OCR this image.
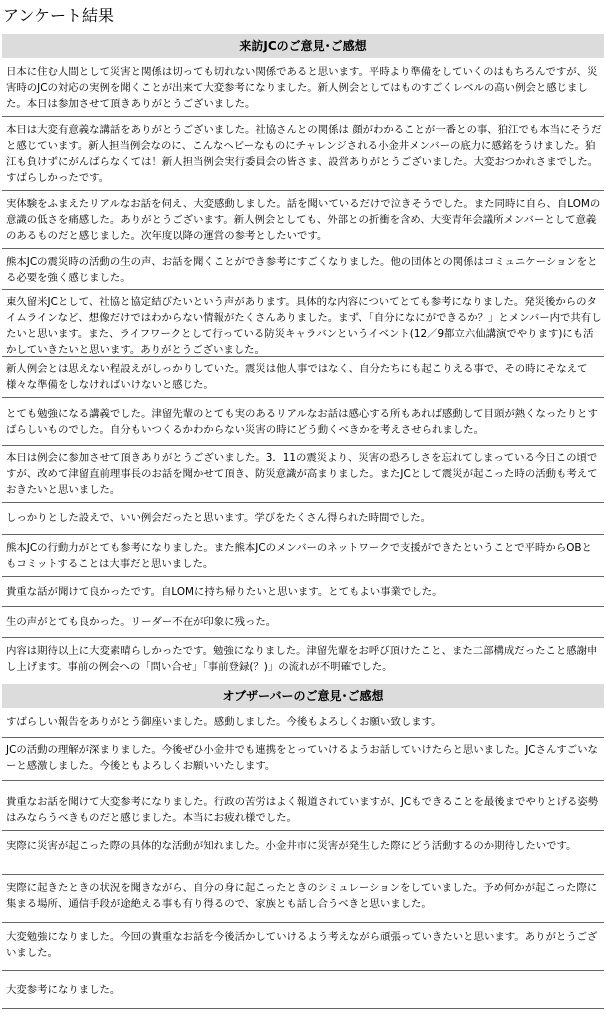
アンケート結果
来訪JCのご意見･ご感想
日本に住む人間として災害と関係は切っても切れない関係であると思います。平時より準備をしていくのはもちろんですが、災害時のJCの対応の実例を聞くことが出来て大変参考になりました。新人例会としてはものすごくレベルの高い例会と感じました。本日は参加させて頂きありがとうございました。
本日は大変有意義な講話をありがとうございました。社協さんとの関係は 顔がわかることが一番との事、狛江でも本当にそうだと感じています。新人担当例会なのに、こんなヘビーなものにチャレンジされる小金井メンバーの底力に感銘をうけました。狛江も負けずにがんばらなくては！新人担当例会実行委員会の皆さま、設営ありがとうございました。大変おつかれさまでした。すばらしかったです。
実体験をふまえたリアルなお話を伺え、大変感動しました。話を聞いているだけで泣きそうでした。また同時に自ら、自LOMの意識の低さを痛感した。ありがとうございます。新人例会としても、外部との折衝を含め、大变青年会議所メンバーとして意義のあるものだと感じました。次年度以降の運営の参考としたいです。
熊本JCの震災時の活動の生の声、お話を聞くことができ参考にすごくなりました。他の団体との関係はコミュニケーションをとる必要を強く感じました。
東久留米JCとして、社協と協定結びたいという声があります。具体的な内容についてとても参考になりました。発災後からのタイムラインなど、想像だけではわからない情報がたくさんありました。まず、「自分になにができるか？」とメンバー内で共有したいと思います。また、ライフワークとして行っている防災キャラバンというイベント(12／9都立六仙講演でやります)にも活かしていきたいと思います。ありがとうございました。
新人例会とは思えない程設えがしっかりしていた。震災は他人事ではなく、自分たちにも起こりえる事で、その時にそなえて様々な準備をしなければいけないと感じた。
とても勉強になる講義でした。津留先輩のとても実のあるリアルなお話は感心する所もあれば感動して目頭が熱くなったりとすばらしいものでした。自分もいつくるかわからない災害の時にどう動くべきかを考えさせられました。
本日は例会に参加させて頂きありがとうございました。3．11の震災より、災害の恐ろしさを忘れてしまっている今日この頃ですが、改めて津留直前理事長のお話を聞かせて頂き、防災意識が高まりました。またJCとして震災が起こった時の活動も考えておきたいと思いました。
しっかりとした設えで、いい例会だったと思います。学びをたくさん得られた時間でした。
熊本JCの行動力がとても参考になりました。また熊本JCのメンバーのネットワークで支援ができたということで平時からOBともコミットすることは大事だと思いました。
貴重な話が聞けて良かったです。自LOMに持ち帰りたいと思います。とてもよい事業でした。
生の声がとても良かった。リーダー不在が印象に残った。
内容は期待以上に大変素晴らしかったです。勉強になりました。津留先輩をお呼び頂けたこと、また二部構成だったこと感謝申し上げます。事前の例会への「問い合せ」「事前登録(？)」の流れが不明確でした。
オブザーバーのご意見･ご感想
すばらしい報告をありがとう御座いました。感動しました。今後もよろしくお願い致します。
JCの活動の理解が深まりました。今後ぜひ小金井でも連携をとっていけるようお話していけたらと思いました。JCさんすごいなーと感激しました。今後ともよろしくお願いいたします。
貴重なお話を聞けて大変参考になりました。行政の苦労はよく報道されていますが、JCもできることを最後までやりとげる姿勢はみならうべきものだと感じました。本当にお疲れ様でした。
実際に災害が起こった際の具体的な活動が知れました。小金井市に災害が発生した際にどう活動するのか期待したいです。
実際に起きたときの状況を聞きながら、自分の身に起こったときのシミュレーションをしていました。予め何かが起こった際に集まる場所、通信手段が途絶える事も有り得るので、家族とも話し合うべきと思いました。
大変勉強になりました。今回の貴重なお話を今後活かしていけるよう考えながら頑張っていきたいと思います。ありがとうございました。
大変参考になりました。
